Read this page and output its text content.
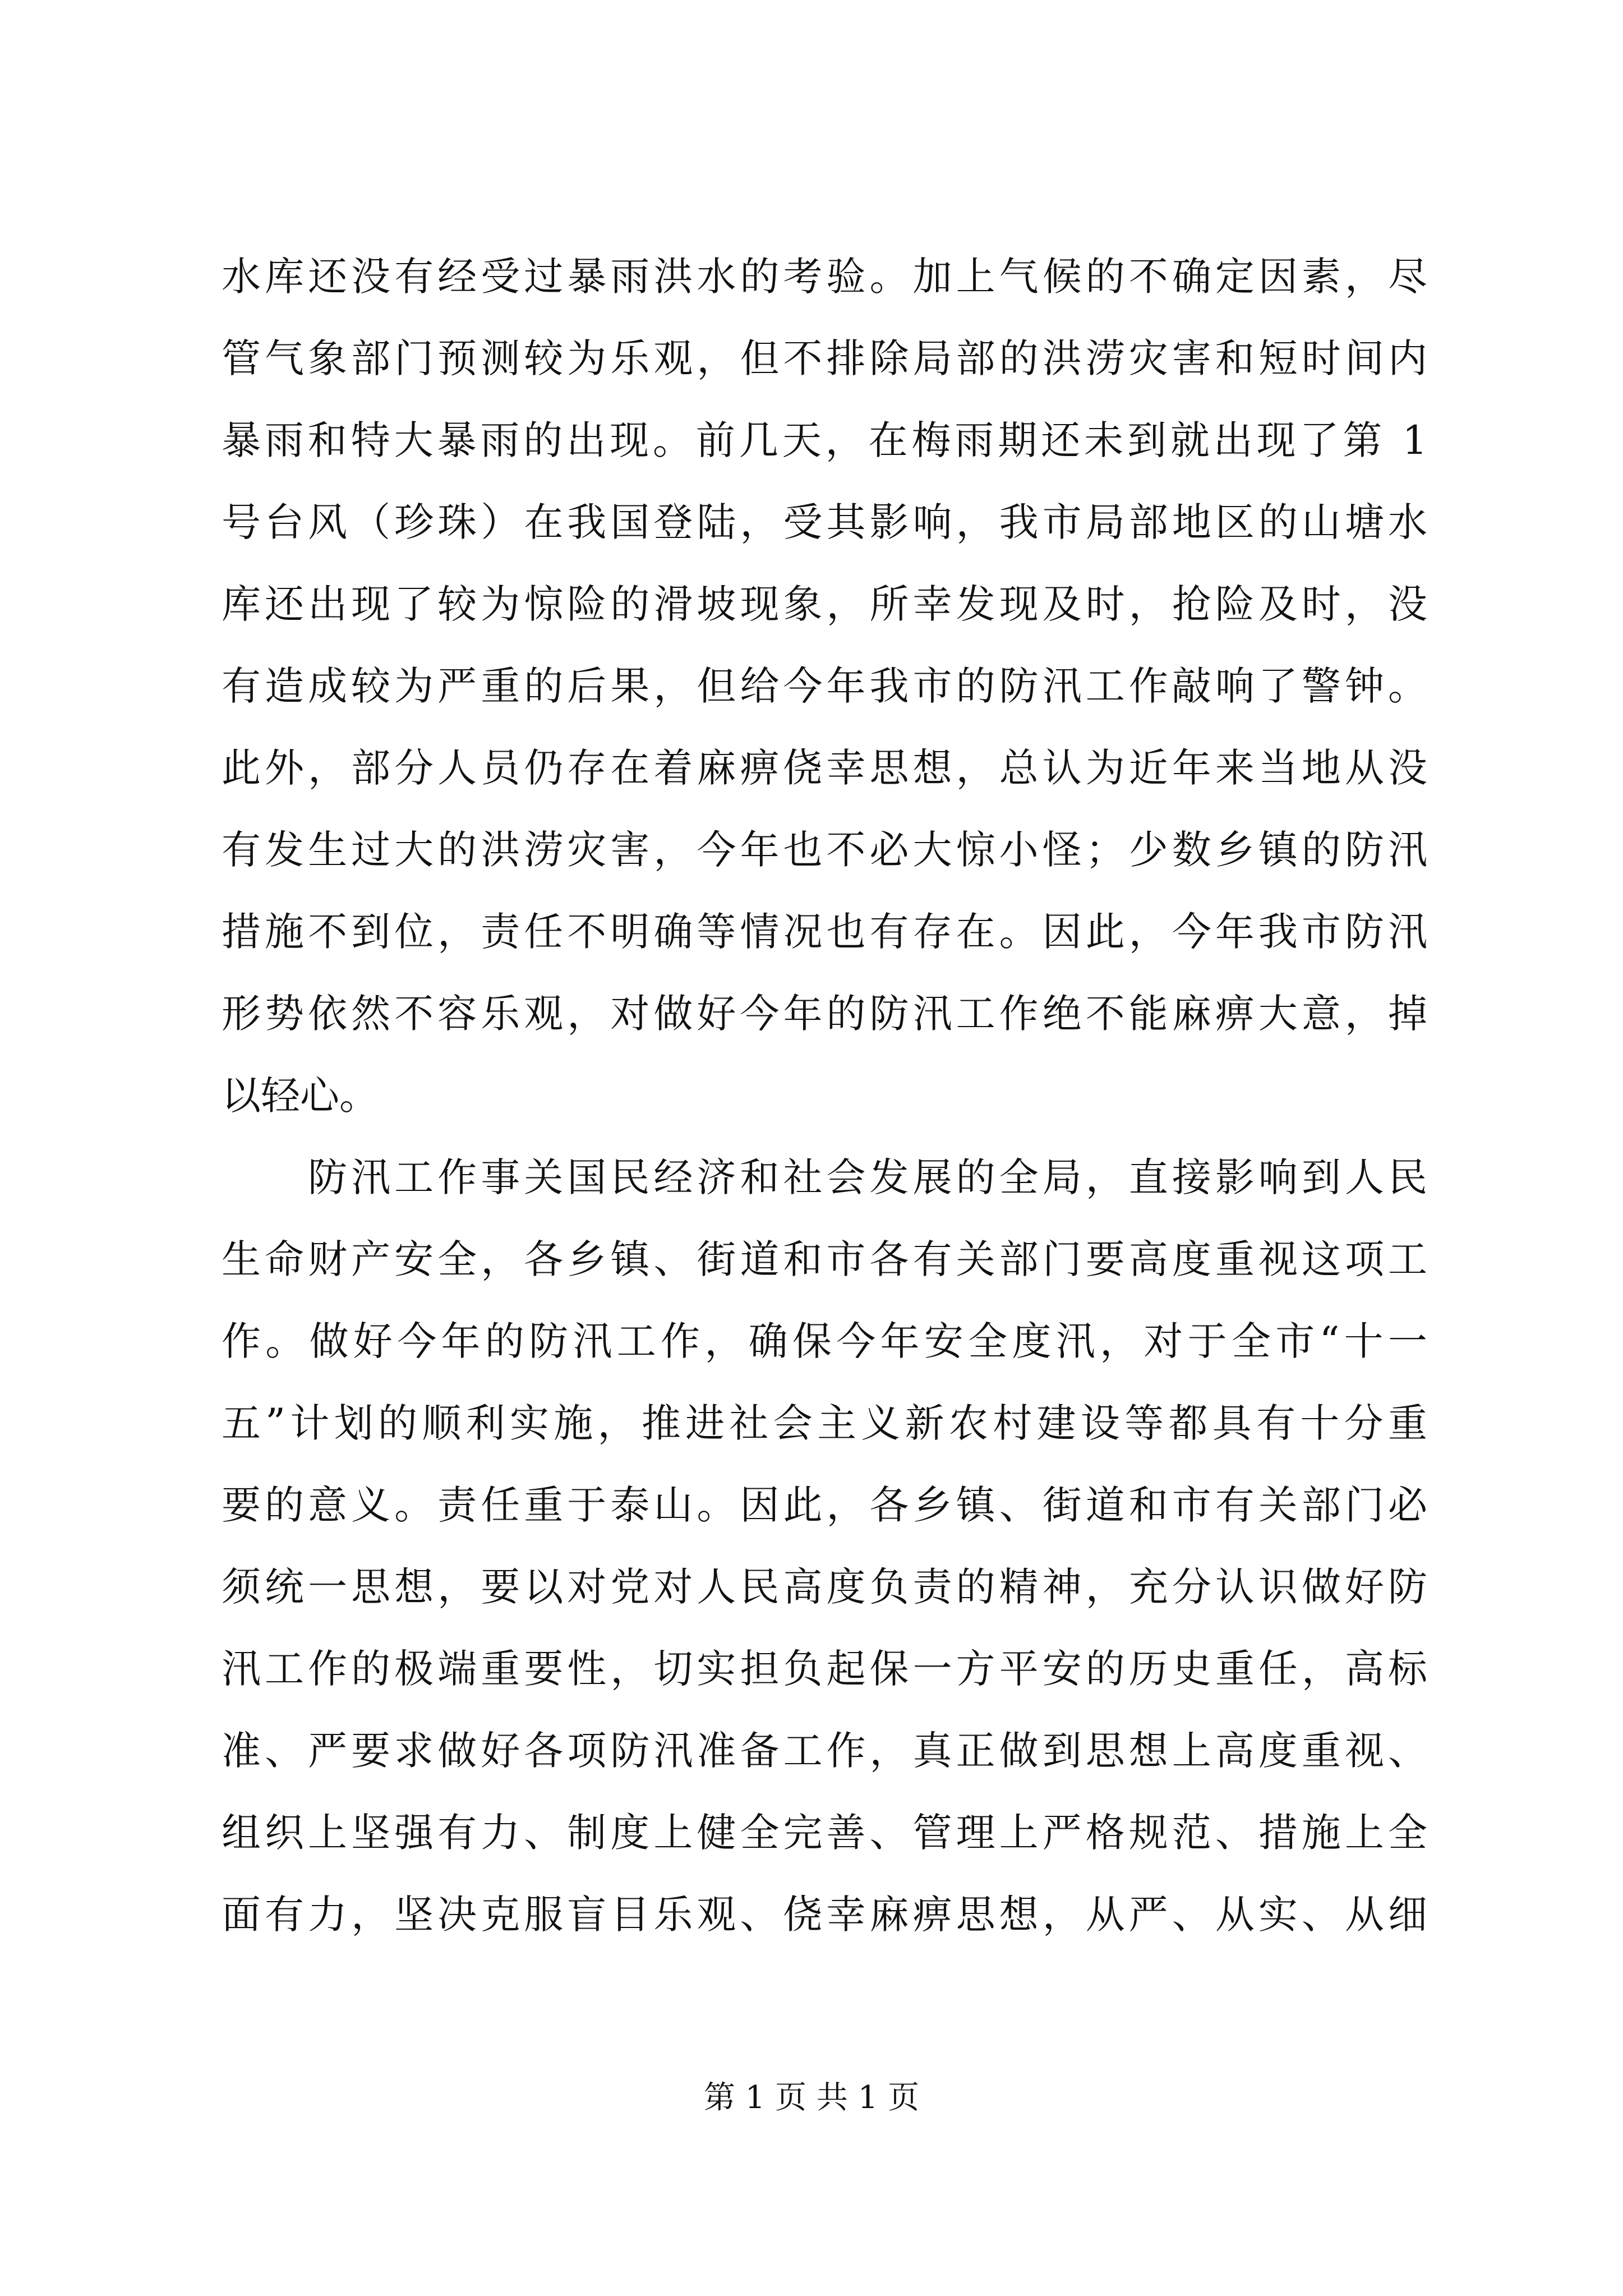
水库还没有经受过暴雨洪水的考验。加上气候的不确定因素，尽
管气象部门预测较为乐观，但不排除局部的洪涝灾害和短时间内
暴雨和特大暴雨的出现。前几天，在梅雨期还未到就出现了第 1
号台风（珍珠）在我国登陆，受其影响，我市局部地区的山塘水
库还出现了较为惊险的滑坡现象，所幸发现及时，抢险及时，没
有造成较为严重的后果，但给今年我市的防汛工作敲响了警钟。
此外，部分人员仍存在着麻痹侥幸思想，总认为近年来当地从没
有发生过大的洪涝灾害，今年也不必大惊小怪；少数乡镇的防汛
措施不到位，责任不明确等情况也有存在。因此，今年我市防汛
形势依然不容乐观，对做好今年的防汛工作绝不能麻痹大意，掉
以轻心。
　　防汛工作事关国民经济和社会发展的全局，直接影响到人民
生命财产安全，各乡镇、街道和市各有关部门要高度重视这项工
作。做好今年的防汛工作，确保今年安全度汛，对于全市“十一
五”计划的顺利实施，推进社会主义新农村建设等都具有十分重
要的意义。责任重于泰山。因此，各乡镇、街道和市有关部门必
须统一思想，要以对党对人民高度负责的精神，充分认识做好防
汛工作的极端重要性，切实担负起保一方平安的历史重任，高标
准、严要求做好各项防汛准备工作，真正做到思想上高度重视、
组织上坚强有力、制度上健全完善、管理上严格规范、措施上全
面有力，坚决克服盲目乐观、侥幸麻痹思想，从严、从实、从细
第 1 页 共 1 页
